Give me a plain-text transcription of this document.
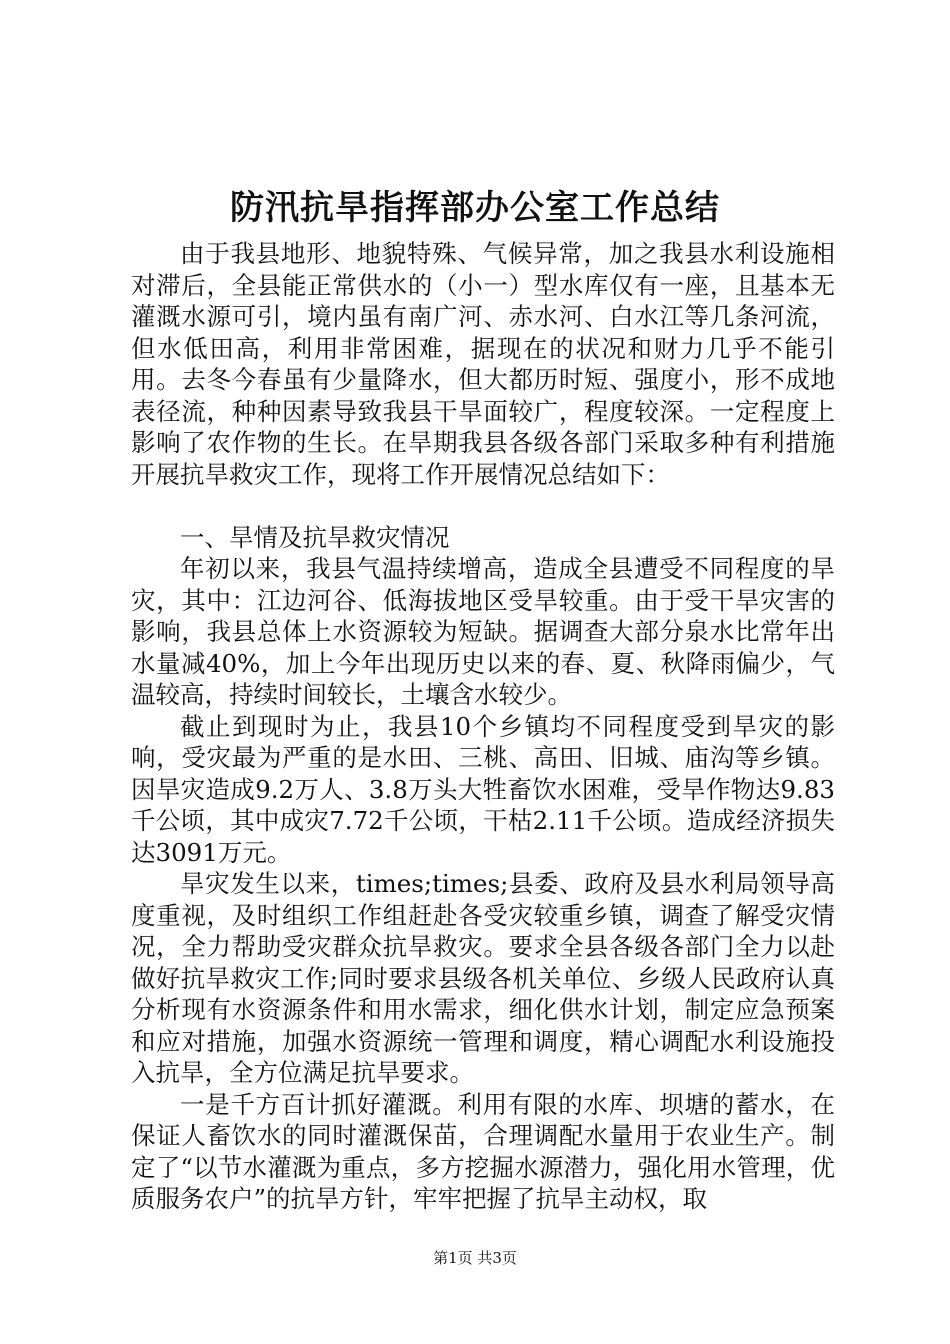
防汛抗旱指挥部办公室工作总结

由于我县地形、地貌特殊、气候异常，加之我县水利设施相对滞后，全县能正常供水的（小一）型水库仅有一座，且基本无灌溉水源可引，境内虽有南广河、赤水河、白水江等几条河流，但水低田高，利用非常困难，据现在的状况和财力几乎不能引用。去冬今春虽有少量降水，但大都历时短、强度小，形不成地表径流，种种因素导致我县干旱面较广，程度较深。一定程度上影响了农作物的生长。在旱期我县各级各部门采取多种有利措施开展抗旱救灾工作，现将工作开展情况总结如下：

一、旱情及抗旱救灾情况

年初以来，我县气温持续增高，造成全县遭受不同程度的旱灾，其中：江边河谷、低海拔地区受旱较重。由于受干旱灾害的影响，我县总体上水资源较为短缺。据调查大部分泉水比常年出水量减40%，加上今年出现历史以来的春、夏、秋降雨偏少，气温较高，持续时间较长，土壤含水较少。

截止到现时为止，我县10个乡镇均不同程度受到旱灾的影响，受灾最为严重的是水田、三桃、高田、旧城、庙沟等乡镇。因旱灾造成9.2万人、3.8万头大牲畜饮水困难，受旱作物达9.83千公顷，其中成灾7.72千公顷，干枯2.11千公顷。造成经济损失达3091万元。

旱灾发生以来，times;times;县委、政府及县水利局领导高度重视，及时组织工作组赶赴各受灾较重乡镇，调查了解受灾情况，全力帮助受灾群众抗旱救灾。要求全县各级各部门全力以赴做好抗旱救灾工作;同时要求县级各机关单位、乡级人民政府认真分析现有水资源条件和用水需求，细化供水计划，制定应急预案和应对措施，加强水资源统一管理和调度，精心调配水利设施投入抗旱，全方位满足抗旱要求。

一是千方百计抓好灌溉。利用有限的水库、坝塘的蓄水，在保证人畜饮水的同时灌溉保苗，合理调配水量用于农业生产。制定了“以节水灌溉为重点，多方挖掘水源潜力，强化用水管理，优质服务农户”的抗旱方针，牢牢把握了抗旱主动权，取

第1页 共3页
